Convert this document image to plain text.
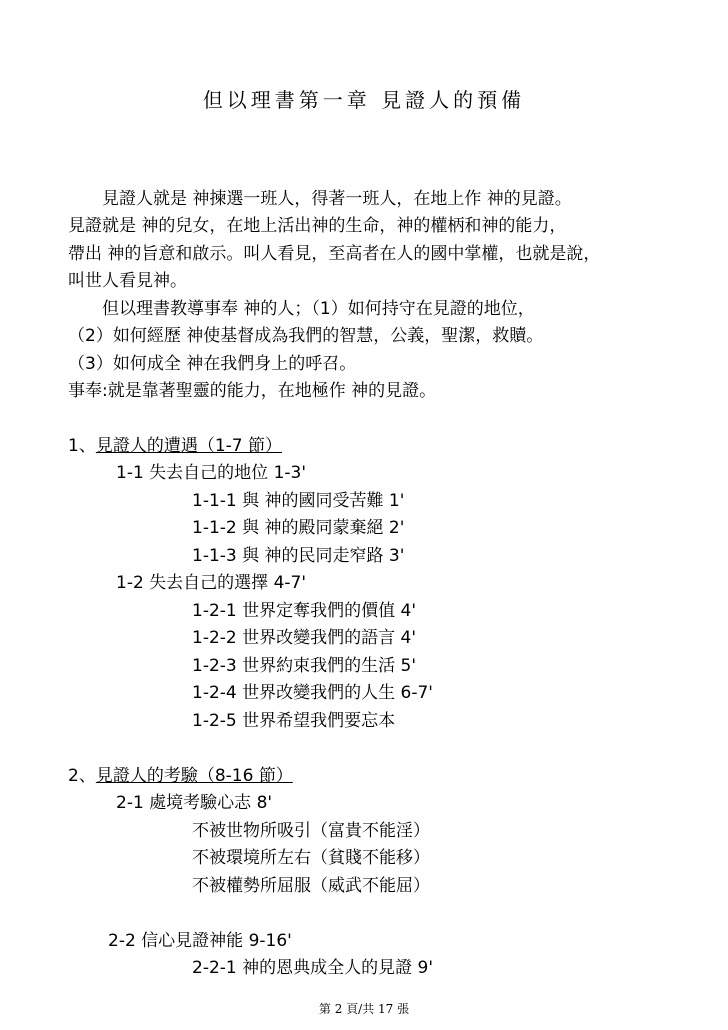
但以理書第一章 見證人的預備
　　見證人就是 神揀選一班人，得著一班人，在地上作 神的見證。
見證就是 神的兒女，在地上活出神的生命，神的權柄和神的能力，
帶出 神的旨意和啟示。叫人看見，至高者在人的國中掌權，也就是說，
叫世人看見神。
　　但以理書教導事奉 神的人；（1）如何持守在見證的地位，
（2）如何經歷 神使基督成為我們的智慧，公義，聖潔，救贖。
（3）如何成全 神在我們身上的呼召。
事奉:就是靠著聖靈的能力，在地極作 神的見證。
1、見證人的遭遇（1-7 節）
1-1 失去自己的地位 1-3'
1-1-1 與 神的國同受苦難 1'
1-1-2 與 神的殿同蒙棄絕 2'
1-1-3 與 神的民同走窄路 3'
1-2 失去自己的選擇 4-7'
1-2-1 世界定奪我們的價值 4'
1-2-2 世界改變我們的語言 4'
1-2-3 世界約束我們的生活 5'
1-2-4 世界改變我們的人生 6-7'
1-2-5 世界希望我們要忘本
2、見證人的考驗（8-16 節）
2-1 處境考驗心志 8'
不被世物所吸引（富貴不能淫）
不被環境所左右（貧賤不能移）
不被權勢所屈服（威武不能屈）
2-2 信心見證神能 9-16'
2-2-1 神的恩典成全人的見證 9'
第 2 頁/共 17 張
